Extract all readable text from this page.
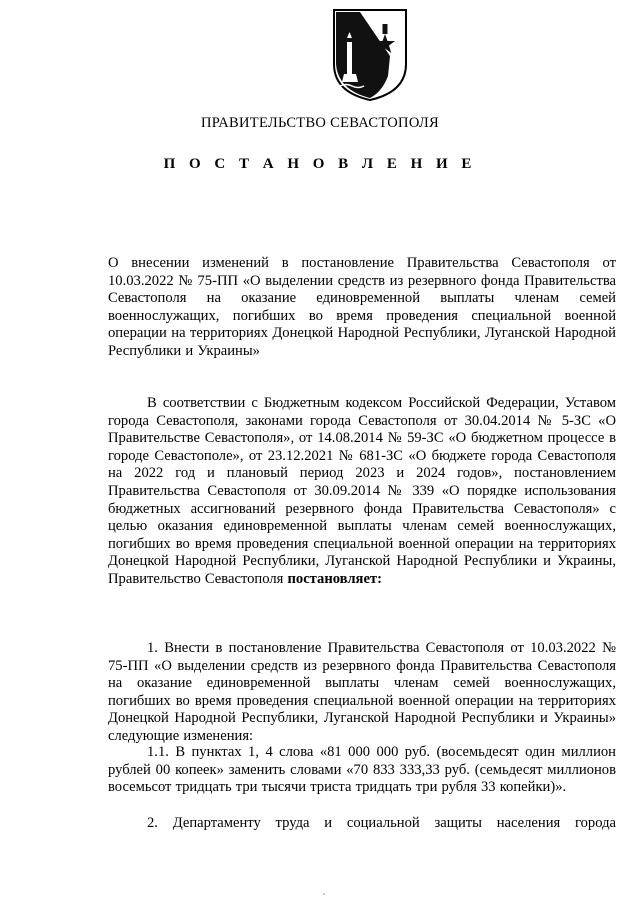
ПРАВИТЕЛЬСТВО СЕВАСТОПОЛЯ
П О С Т А Н О В Л Е Н И Е
О внесении изменений в постановление Правительства Севастополя от 10.03.2022 № 75-ПП «О выделении средств из резервного фонда Правительства Севастополя на оказание единовременной выплаты членам семей военнослужащих, погибших во время проведения специальной военной операции на территориях Донецкой Народной Республики, Луганской Народной Республики и Украины»
В соответствии с Бюджетным кодексом Российской Федерации, Уставом города Севастополя, законами города Севастополя от 30.04.2014 № 5-ЗС «О Правительстве Севастополя», от 14.08.2014 № 59-ЗС «О бюджетном процессе в городе Севастополе», от 23.12.2021 № 681-ЗС «О бюджете города Севастополя на 2022 год и плановый период 2023 и 2024 годов», постановлением Правительства Севастополя от 30.09.2014 № 339 «О порядке использования бюджетных ассигнований резервного фонда Правительства Севастополя» с целью оказания единовременной выплаты членам семей военнослужащих, погибших во время проведения специальной военной операции на территориях Донецкой Народной Республики, Луганской Народной Республики и Украины, Правительство Севастополя постановляет:
1. Внести в постановление Правительства Севастополя от 10.03.2022 № 75-ПП «О выделении средств из резервного фонда Правительства Севастополя на оказание единовременной выплаты членам семей военнослужащих, погибших во время проведения специальной военной операции на территориях Донецкой Народной Республики, Луганской Народной Республики и Украины» следующие изменения:
1.1. В пунктах 1, 4 слова «81 000 000 руб. (восемьдесят один миллион рублей 00 копеек» заменить словами «70 833 333,33 руб. (семьдесят миллионов восемьсот тридцать три тысячи триста тридцать три рубля 33 копейки)».
2. Департаменту труда и социальной защиты населения города
